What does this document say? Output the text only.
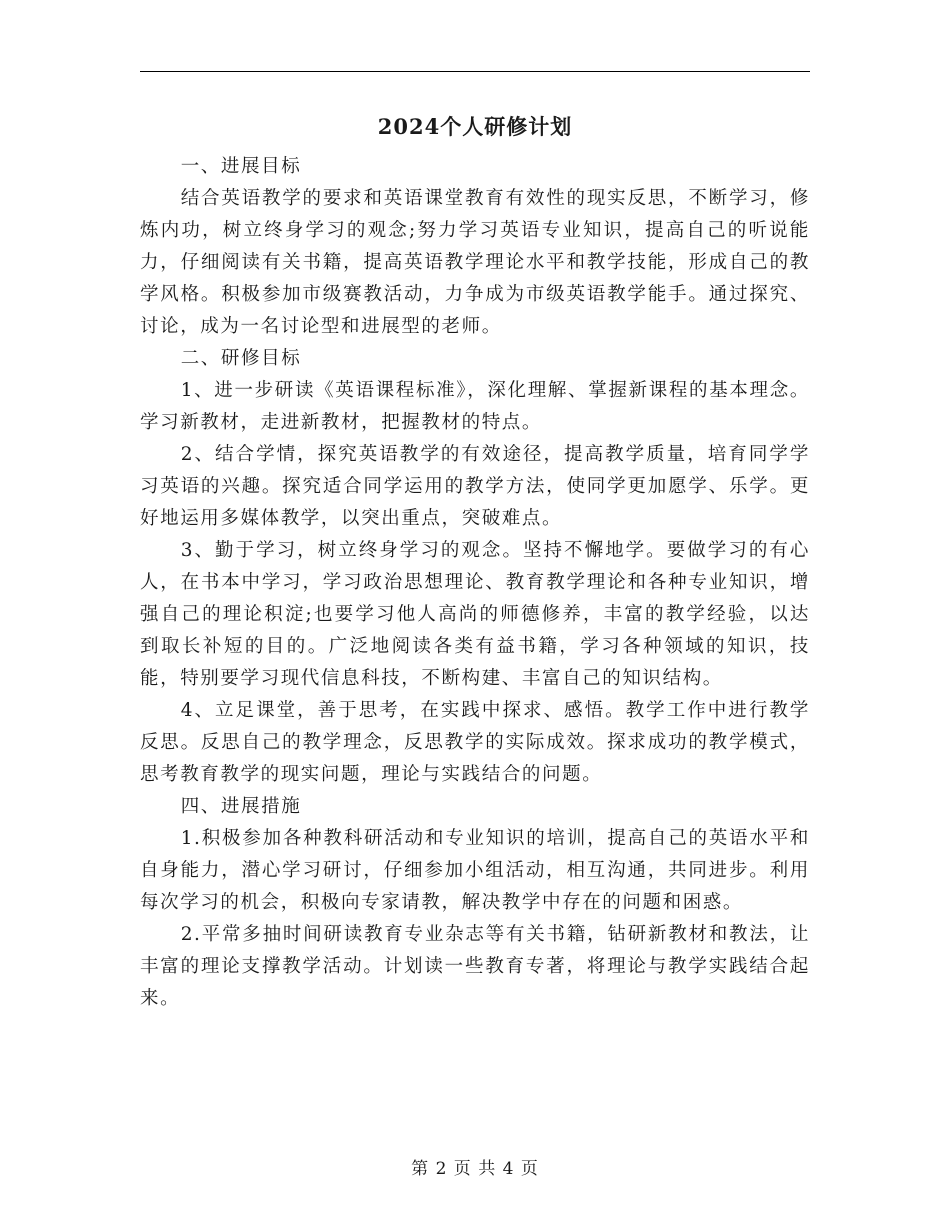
2024个人研修计划

一、进展目标

结合英语教学的要求和英语课堂教育有效性的现实反思，不断学习，修炼内功，树立终身学习的观念;努力学习英语专业知识，提高自己的听说能力，仔细阅读有关书籍，提高英语教学理论水平和教学技能，形成自己的教学风格。积极参加市级赛教活动，力争成为市级英语教学能手。通过探究、讨论，成为一名讨论型和进展型的老师。

二、研修目标

1、进一步研读《英语课程标准》，深化理解、掌握新课程的基本理念。学习新教材，走进新教材，把握教材的特点。

2、结合学情，探究英语教学的有效途径，提高教学质量，培育同学学习英语的兴趣。探究适合同学运用的教学方法，使同学更加愿学、乐学。更好地运用多媒体教学，以突出重点，突破难点。

3、勤于学习，树立终身学习的观念。坚持不懈地学。要做学习的有心人，在书本中学习，学习政治思想理论、教育教学理论和各种专业知识，增强自己的理论积淀;也要学习他人高尚的师德修养，丰富的教学经验，以达到取长补短的目的。广泛地阅读各类有益书籍，学习各种领域的知识，技能，特别要学习现代信息科技，不断构建、丰富自己的知识结构。

4、立足课堂，善于思考，在实践中探求、感悟。教学工作中进行教学反思。反思自己的教学理念，反思教学的实际成效。探求成功的教学模式，思考教育教学的现实问题，理论与实践结合的问题。

四、进展措施

1.积极参加各种教科研活动和专业知识的培训，提高自己的英语水平和自身能力，潜心学习研讨，仔细参加小组活动，相互沟通，共同进步。利用每次学习的机会，积极向专家请教，解决教学中存在的问题和困惑。

2.平常多抽时间研读教育专业杂志等有关书籍，钻研新教材和教法，让丰富的理论支撑教学活动。计划读一些教育专著，将理论与教学实践结合起来。

第 2 页 共 4 页
